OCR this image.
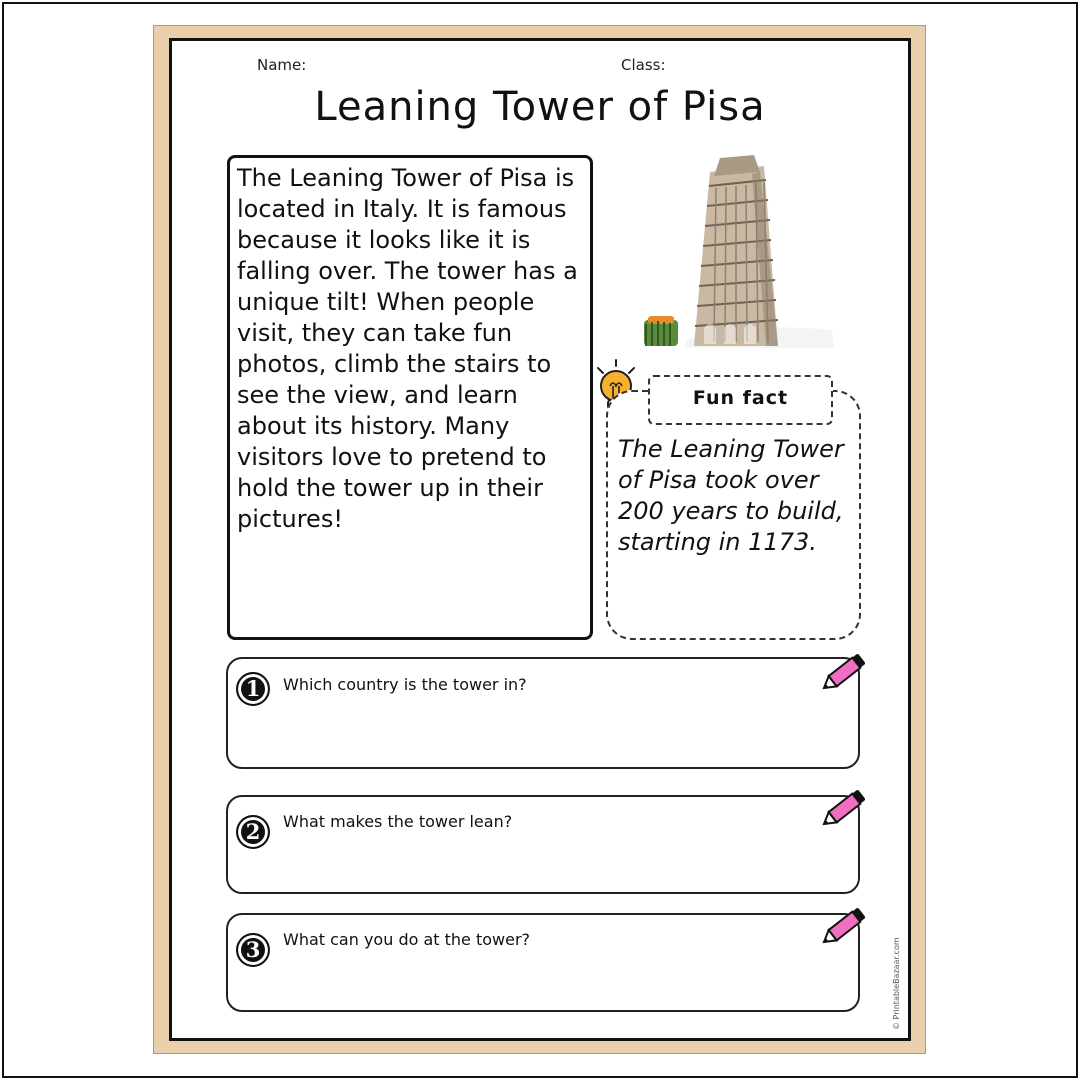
Name:	Class:
Leaning Tower of Pisa

The Leaning Tower of Pisa is located in Italy. It is famous because it looks like it is falling over. The tower has a unique tilt! When people visit, they can take fun photos, climb the stairs to see the view, and learn about its history. Many visitors love to pretend to hold the tower up in their pictures!

Fun fact

The Leaning Tower of Pisa took over 200 years to build, starting in 1173.

1	Which country is the tower in?
2	What makes the tower lean?
3	What can you do at the tower?	© PrintableBazaar.com
